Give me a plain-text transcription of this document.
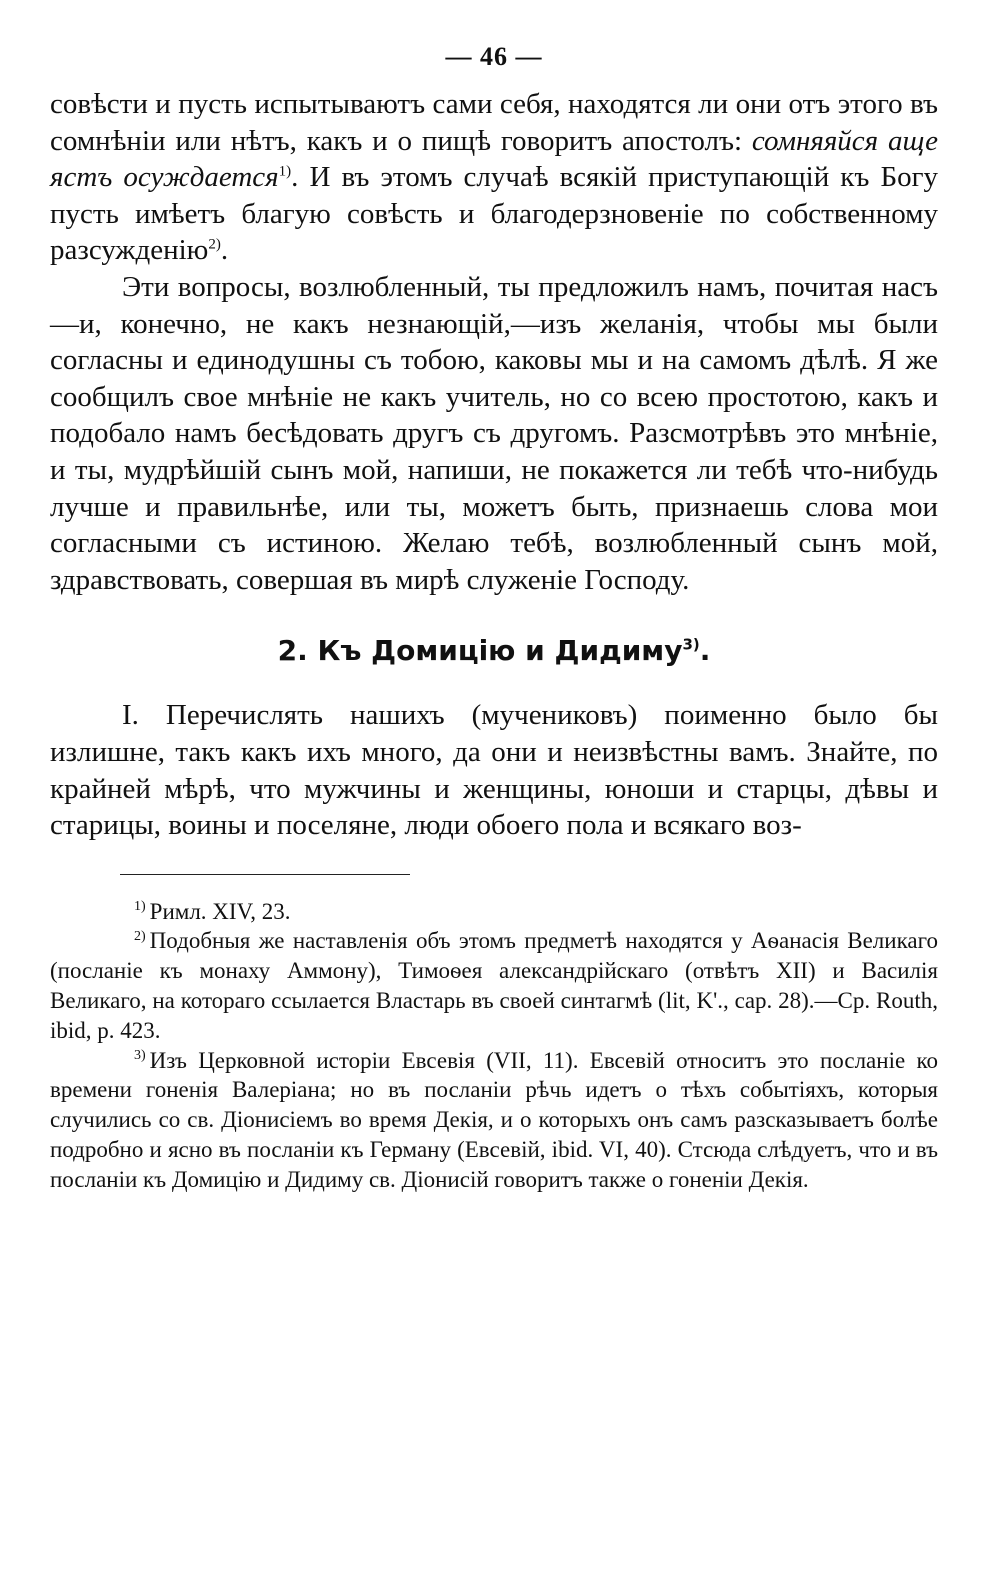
— 46 —

совѣсти и пусть испытываютъ сами себя, находятся ли они отъ этого въ сомнѣніи или нѣтъ, какъ и о пищѣ говоритъ апостолъ: сомняяйся аще ястъ осуждается$^{1)}$. И въ этомъ случаѣ всякій приступающій къ Богу пусть имѣетъ благую совѣсть и благодерзновеніе по собственному разсужденію$^{2)}$.

Эти вопросы, возлюбленный, ты предложилъ намъ, почитая насъ—и, конечно, не какъ незнающій,—изъ желанія, чтобы мы были согласны и единодушны съ тобою, каковы мы и на самомъ дѣлѣ. Я же сообщилъ свое мнѣніе не какъ учитель, но со всею простотою, какъ и подобало намъ бесѣдовать другъ съ другомъ. Разсмотрѣвъ это мнѣніе, и ты, мудрѣйшій сынъ мой, напиши, не покажется ли тебѣ что-нибудь лучше и правильнѣе, или ты, можетъ быть, признаешь слова мои согласными съ истиною. Желаю тебѣ, возлюбленный сынъ мой, здравствовать, совершая въ мирѣ служеніе Господу.

2. Къ Домицію и Дидиму$^{3)}$.

I. Перечислять нашихъ (мучениковъ) поименно было бы излишне, такъ какъ ихъ много, да они и неизвѣстны вамъ. Знайте, по крайней мѣрѣ, что мужчины и женщины, юноши и старцы, дѣвы и старицы, воины и поселяне, люди обоего пола и всякаго воз-

$^{1)}$ Римл. XIV, 23.

$^{2)}$ Подобныя же наставленія объ этомъ предметѣ находятся у Аѳанасія Великаго (посланіе къ монаху Аммону), Тимоѳея александрійскаго (отвѣтъ XII) и Василія Великаго, на котораго ссылается Властарь въ своей синтагмѣ (lit, K'., cap. 28).—Cp. Routh, ibid, p. 423.

$^{3)}$ Изъ Церковной исторіи Евсевія (VII, 11). Евсевій относитъ это посланіе ко времени гоненія Валеріана; но въ посланіи рѣчь идетъ о тѣхъ событіяхъ, которыя случились со св. Діонисіемъ во время Декія, и о которыхъ онъ самъ разсказываетъ болѣе подробно и ясно въ посланіи къ Герману (Евсевій, ibid. VI, 40). Стсюда слѣдуетъ, что и въ посланіи къ Домицію и Дидиму св. Діонисій говоритъ также о гоненіи Декія.
